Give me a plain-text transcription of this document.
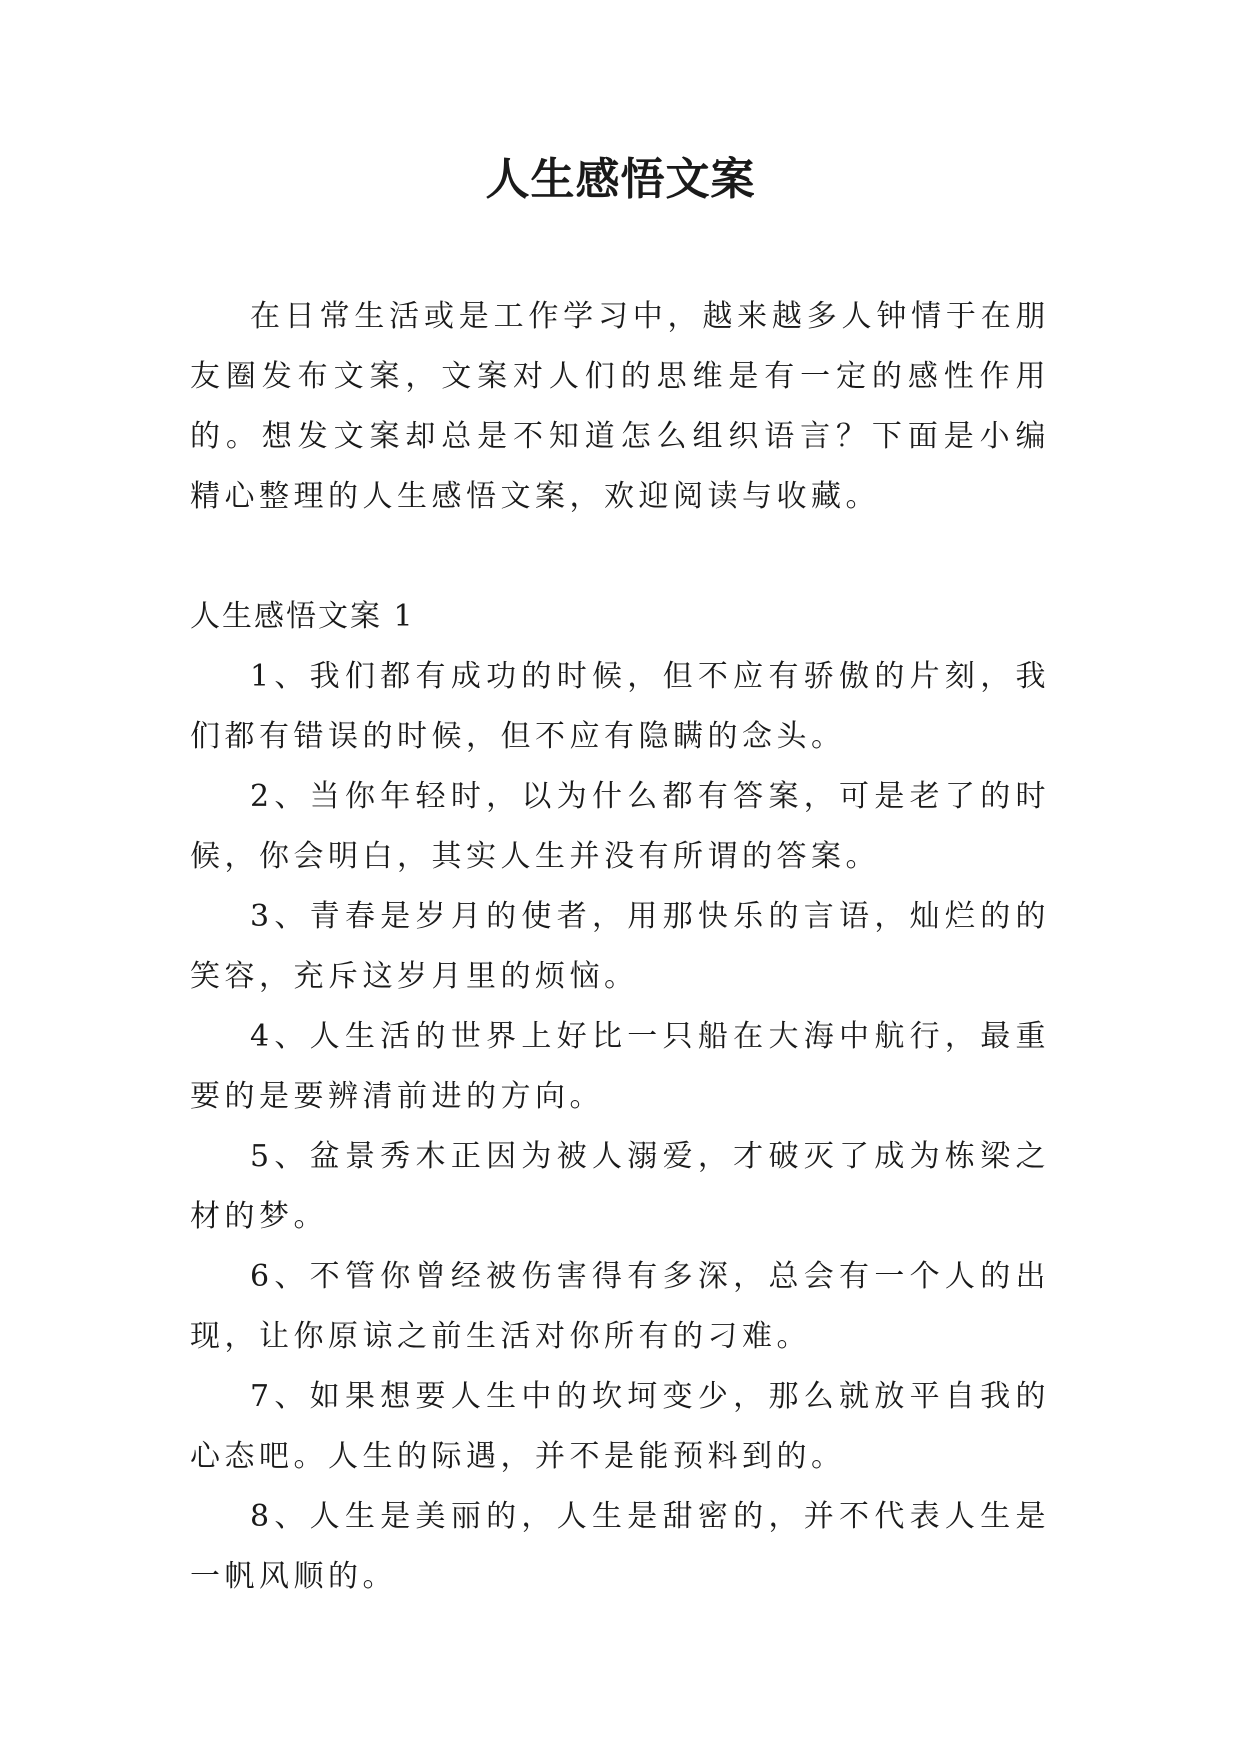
人生感悟文案

在日常生活或是工作学习中，越来越多人钟情于在朋友圈发布文案，文案对人们的思维是有一定的感性作用的。想发文案却总是不知道怎么组织语言？下面是小编精心整理的人生感悟文案，欢迎阅读与收藏。

人生感悟文案 1

1、我们都有成功的时候，但不应有骄傲的片刻，我们都有错误的时候，但不应有隐瞒的念头。

2、当你年轻时，以为什么都有答案，可是老了的时候，你会明白，其实人生并没有所谓的答案。

3、青春是岁月的使者，用那快乐的言语，灿烂的的笑容，充斥这岁月里的烦恼。

4、人生活的世界上好比一只船在大海中航行，最重要的是要辨清前进的方向。

5、盆景秀木正因为被人溺爱，才破灭了成为栋梁之材的梦。

6、不管你曾经被伤害得有多深，总会有一个人的出现，让你原谅之前生活对你所有的刁难。

7、如果想要人生中的坎坷变少，那么就放平自我的心态吧。人生的际遇，并不是能预料到的。

8、人生是美丽的，人生是甜密的，并不代表人生是一帆风顺的。
